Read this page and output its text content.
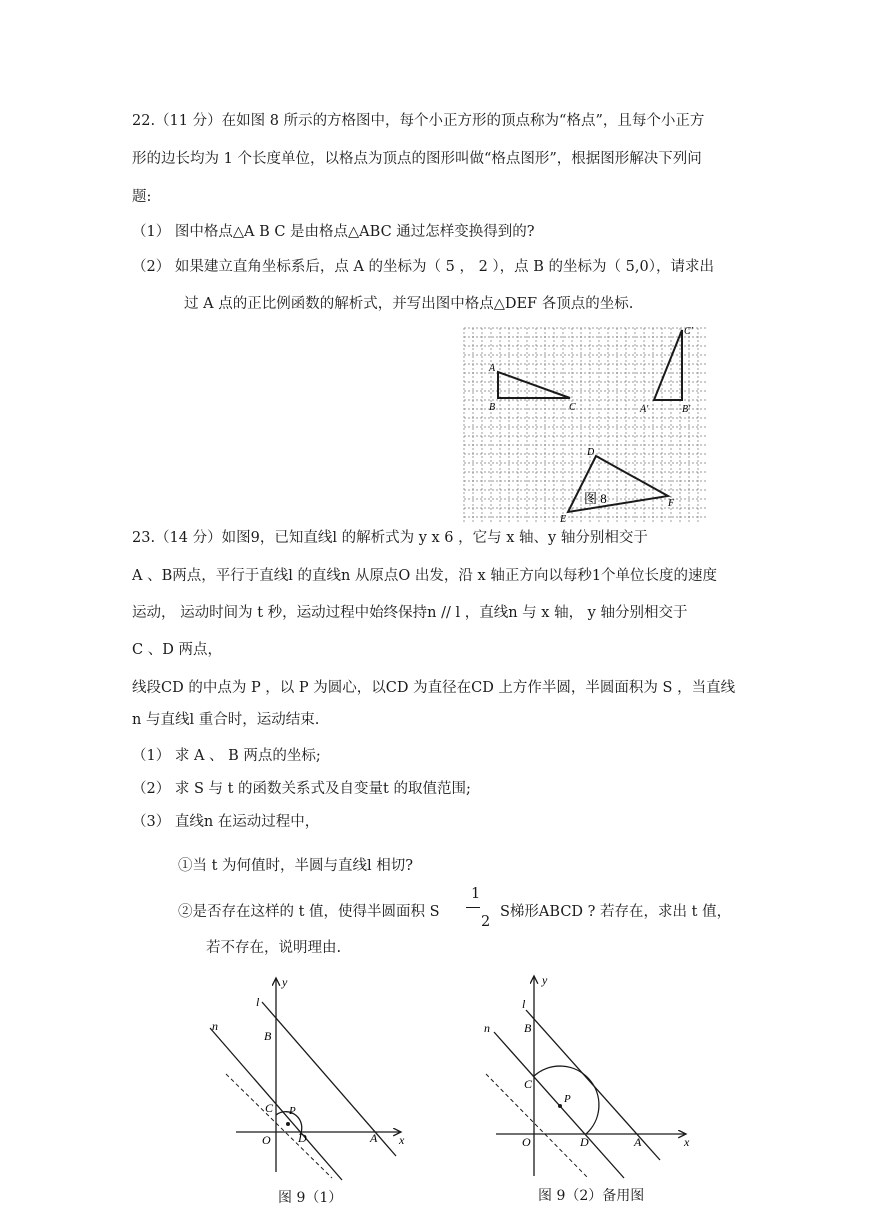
22.（11 分）在如图 8 所示的方格图中，每个小正方形的顶点称为“格点”，且每个小正方
形的边长均为 1 个长度单位，以格点为顶点的图形叫做“格点图形”，根据图形解决下列问
题:
（1） 图中格点△A B C 是由格点△ABC 通过怎样变换得到的?
（2） 如果建立直角坐标系后，点 A 的坐标为（ 5 ， 2 ），点 B 的坐标为（ 5,0），请求出
过 A 点的正比例函数的解析式，并写出图中格点△DEF 各顶点的坐标.
A
B	C	A'	B'
C'
D
E
F
图 8
23.（14 分）如图9，已知直线l 的解析式为 y x 6 ，它与 x 轴、y 轴分别相交于
A 、B两点，平行于直线l 的直线n 从原点O 出发，沿 x 轴正方向以每秒1个单位长度的速度
运动， 运动时间为 t 秒，运动过程中始终保持n // l ，直线n 与 x 轴， y 轴分别相交于
C 、D 两点，
线段CD 的中点为 P ，以 P 为圆心，以CD 为直径在CD 上方作半圆，半圆面积为 S ，当直线
n 与直线l 重合时，运动结束.
（1） 求 A 、 B 两点的坐标;
（2） 求 S 与 t 的函数关系式及自变量t 的取值范围;
（3） 直线n 在运动过程中，
①当 t 为何值时，半圆与直线l 相切?
②是否存在这样的 t 值，使得半圆面积 S
1
2
S梯形ABCD ? 若存在，求出 t 值，
若不存在，说明理由.
y
l
n
B
C P
O D	A x
图 9（1）
y
l
n	B
C
P
O	D	A	x
图 9（2）备用图
